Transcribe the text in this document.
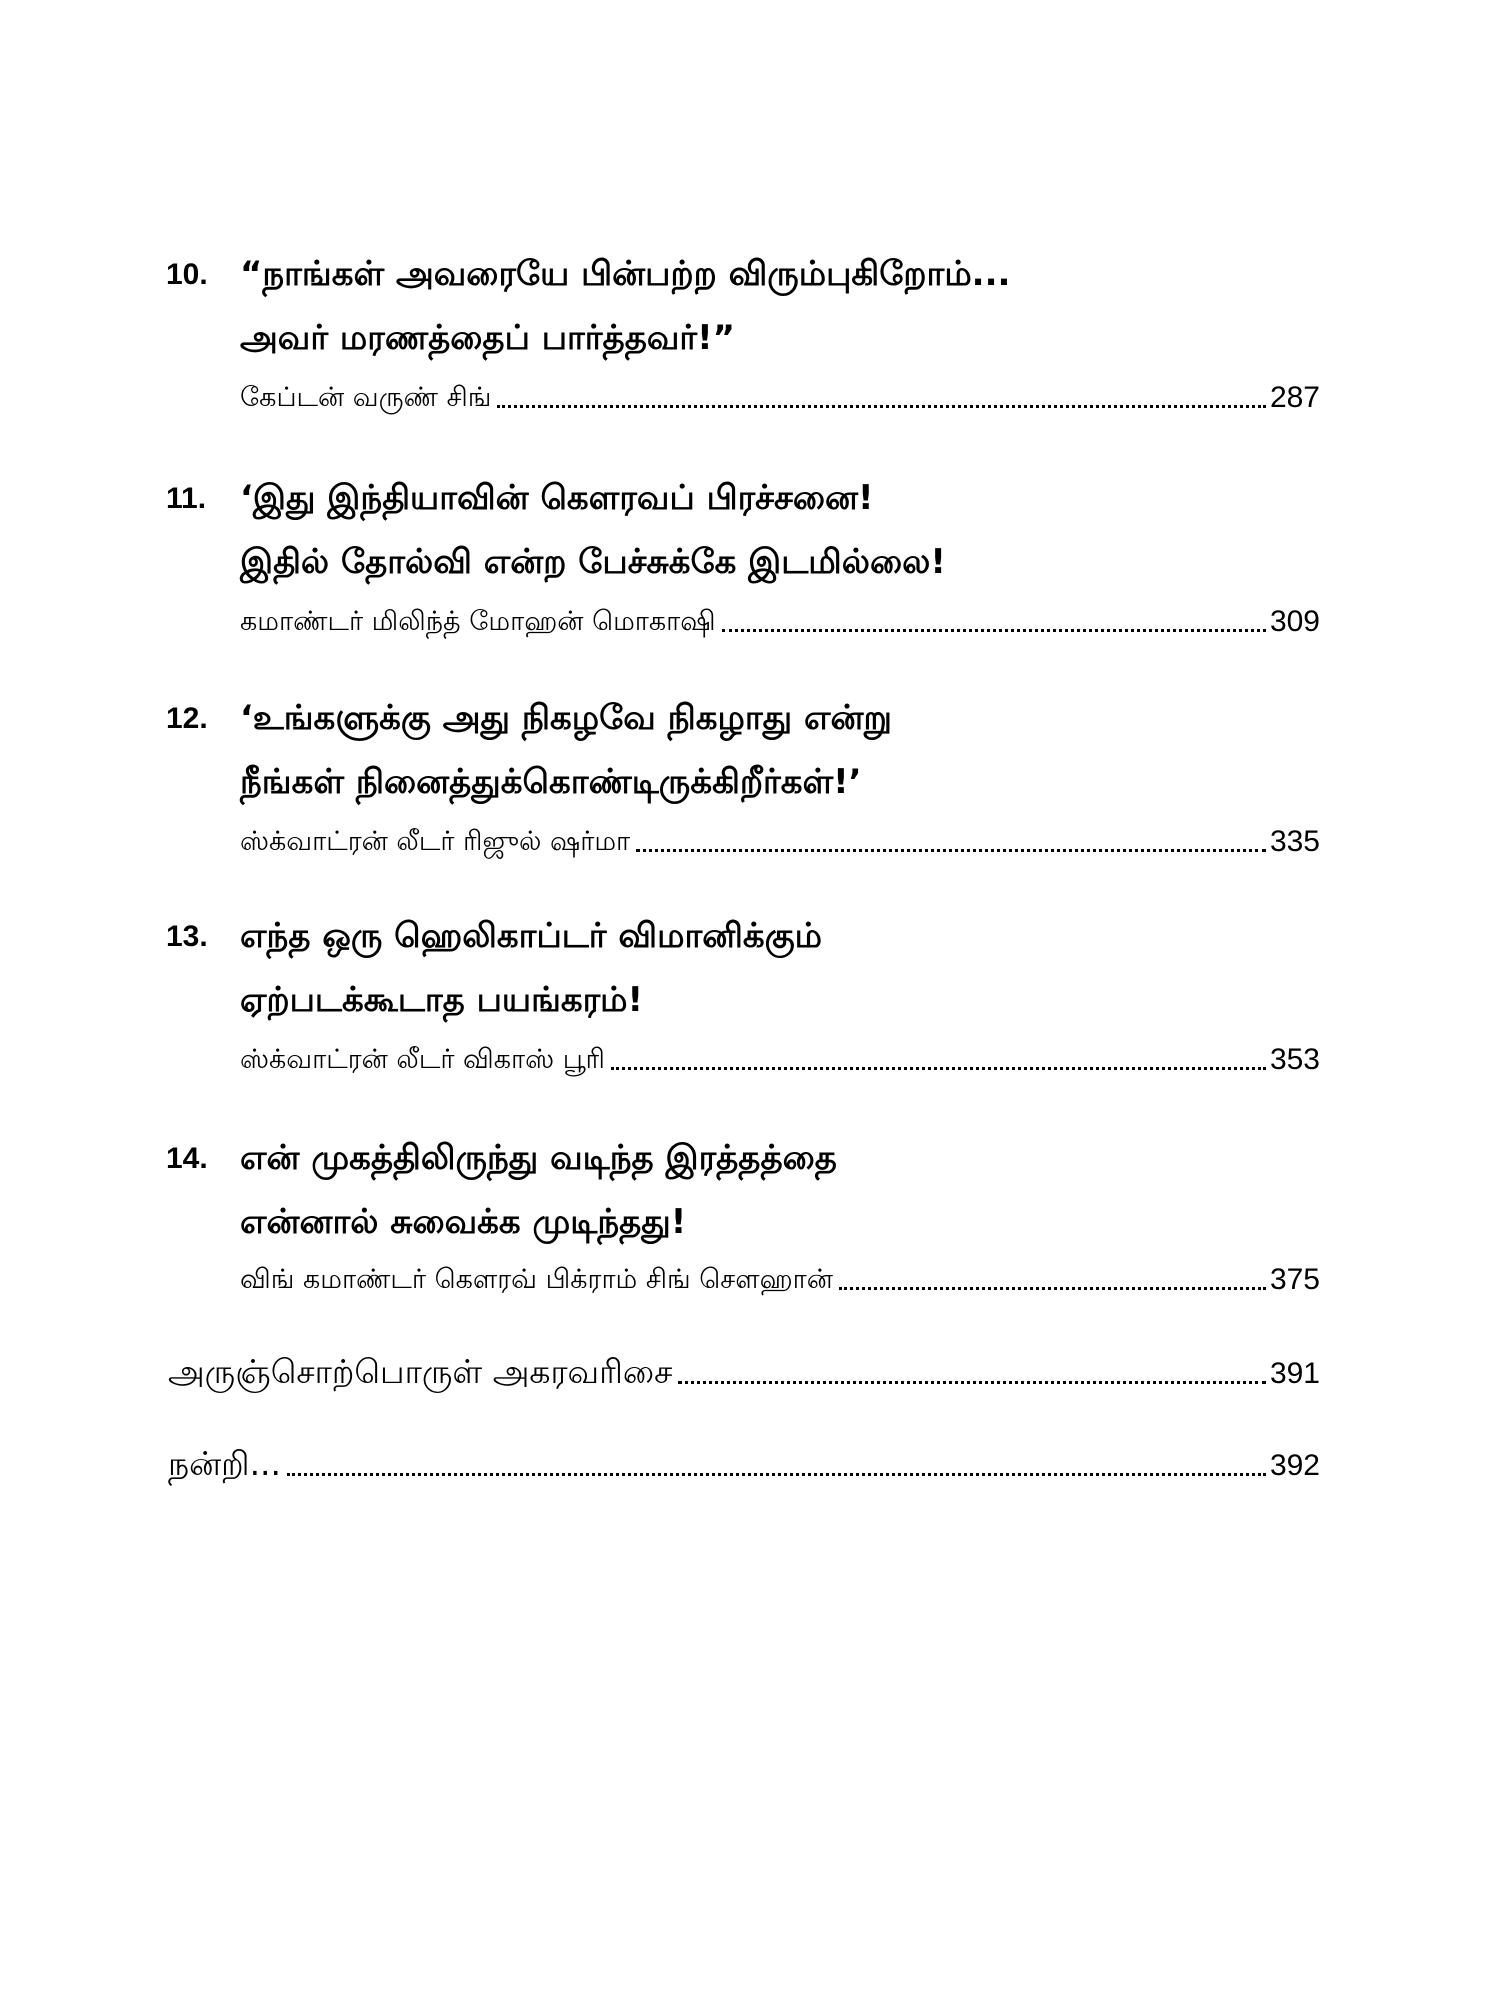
10. “நாங்கள் அவரையே பின்பற்ற விரும்புகிறோம்...
அவர் மரணத்தைப் பார்த்தவர்!”
கேப்டன் வருண் சிங்	287
11. ‘இது இந்தியாவின் கௌரவப் பிரச்சனை!
இதில் தோல்வி என்ற பேச்சுக்கே இடமில்லை!
கமாண்டர் மிலிந்த் மோஹன் மொகாஷி	309
12. ‘உங்களுக்கு அது நிகழவே நிகழாது என்று
நீங்கள் நினைத்துக்கொண்டிருக்கிறீர்கள்!’
ஸ்க்வாட்ரன் லீடர் ரிஜுல் ஷர்மா	335
13. எந்த ஒரு ஹெலிகாப்டர் விமானிக்கும்
ஏற்படக்கூடாத பயங்கரம்!
ஸ்க்வாட்ரன் லீடர் விகாஸ் பூரி	353
14. என் முகத்திலிருந்து வடிந்த இரத்தத்தை
என்னால் சுவைக்க முடிந்தது!
விங் கமாண்டர் கௌரவ் பிக்ராம் சிங் சௌஹான்	375
அருஞ்சொற்பொருள் அகரவரிசை	391
நன்றி...	392
